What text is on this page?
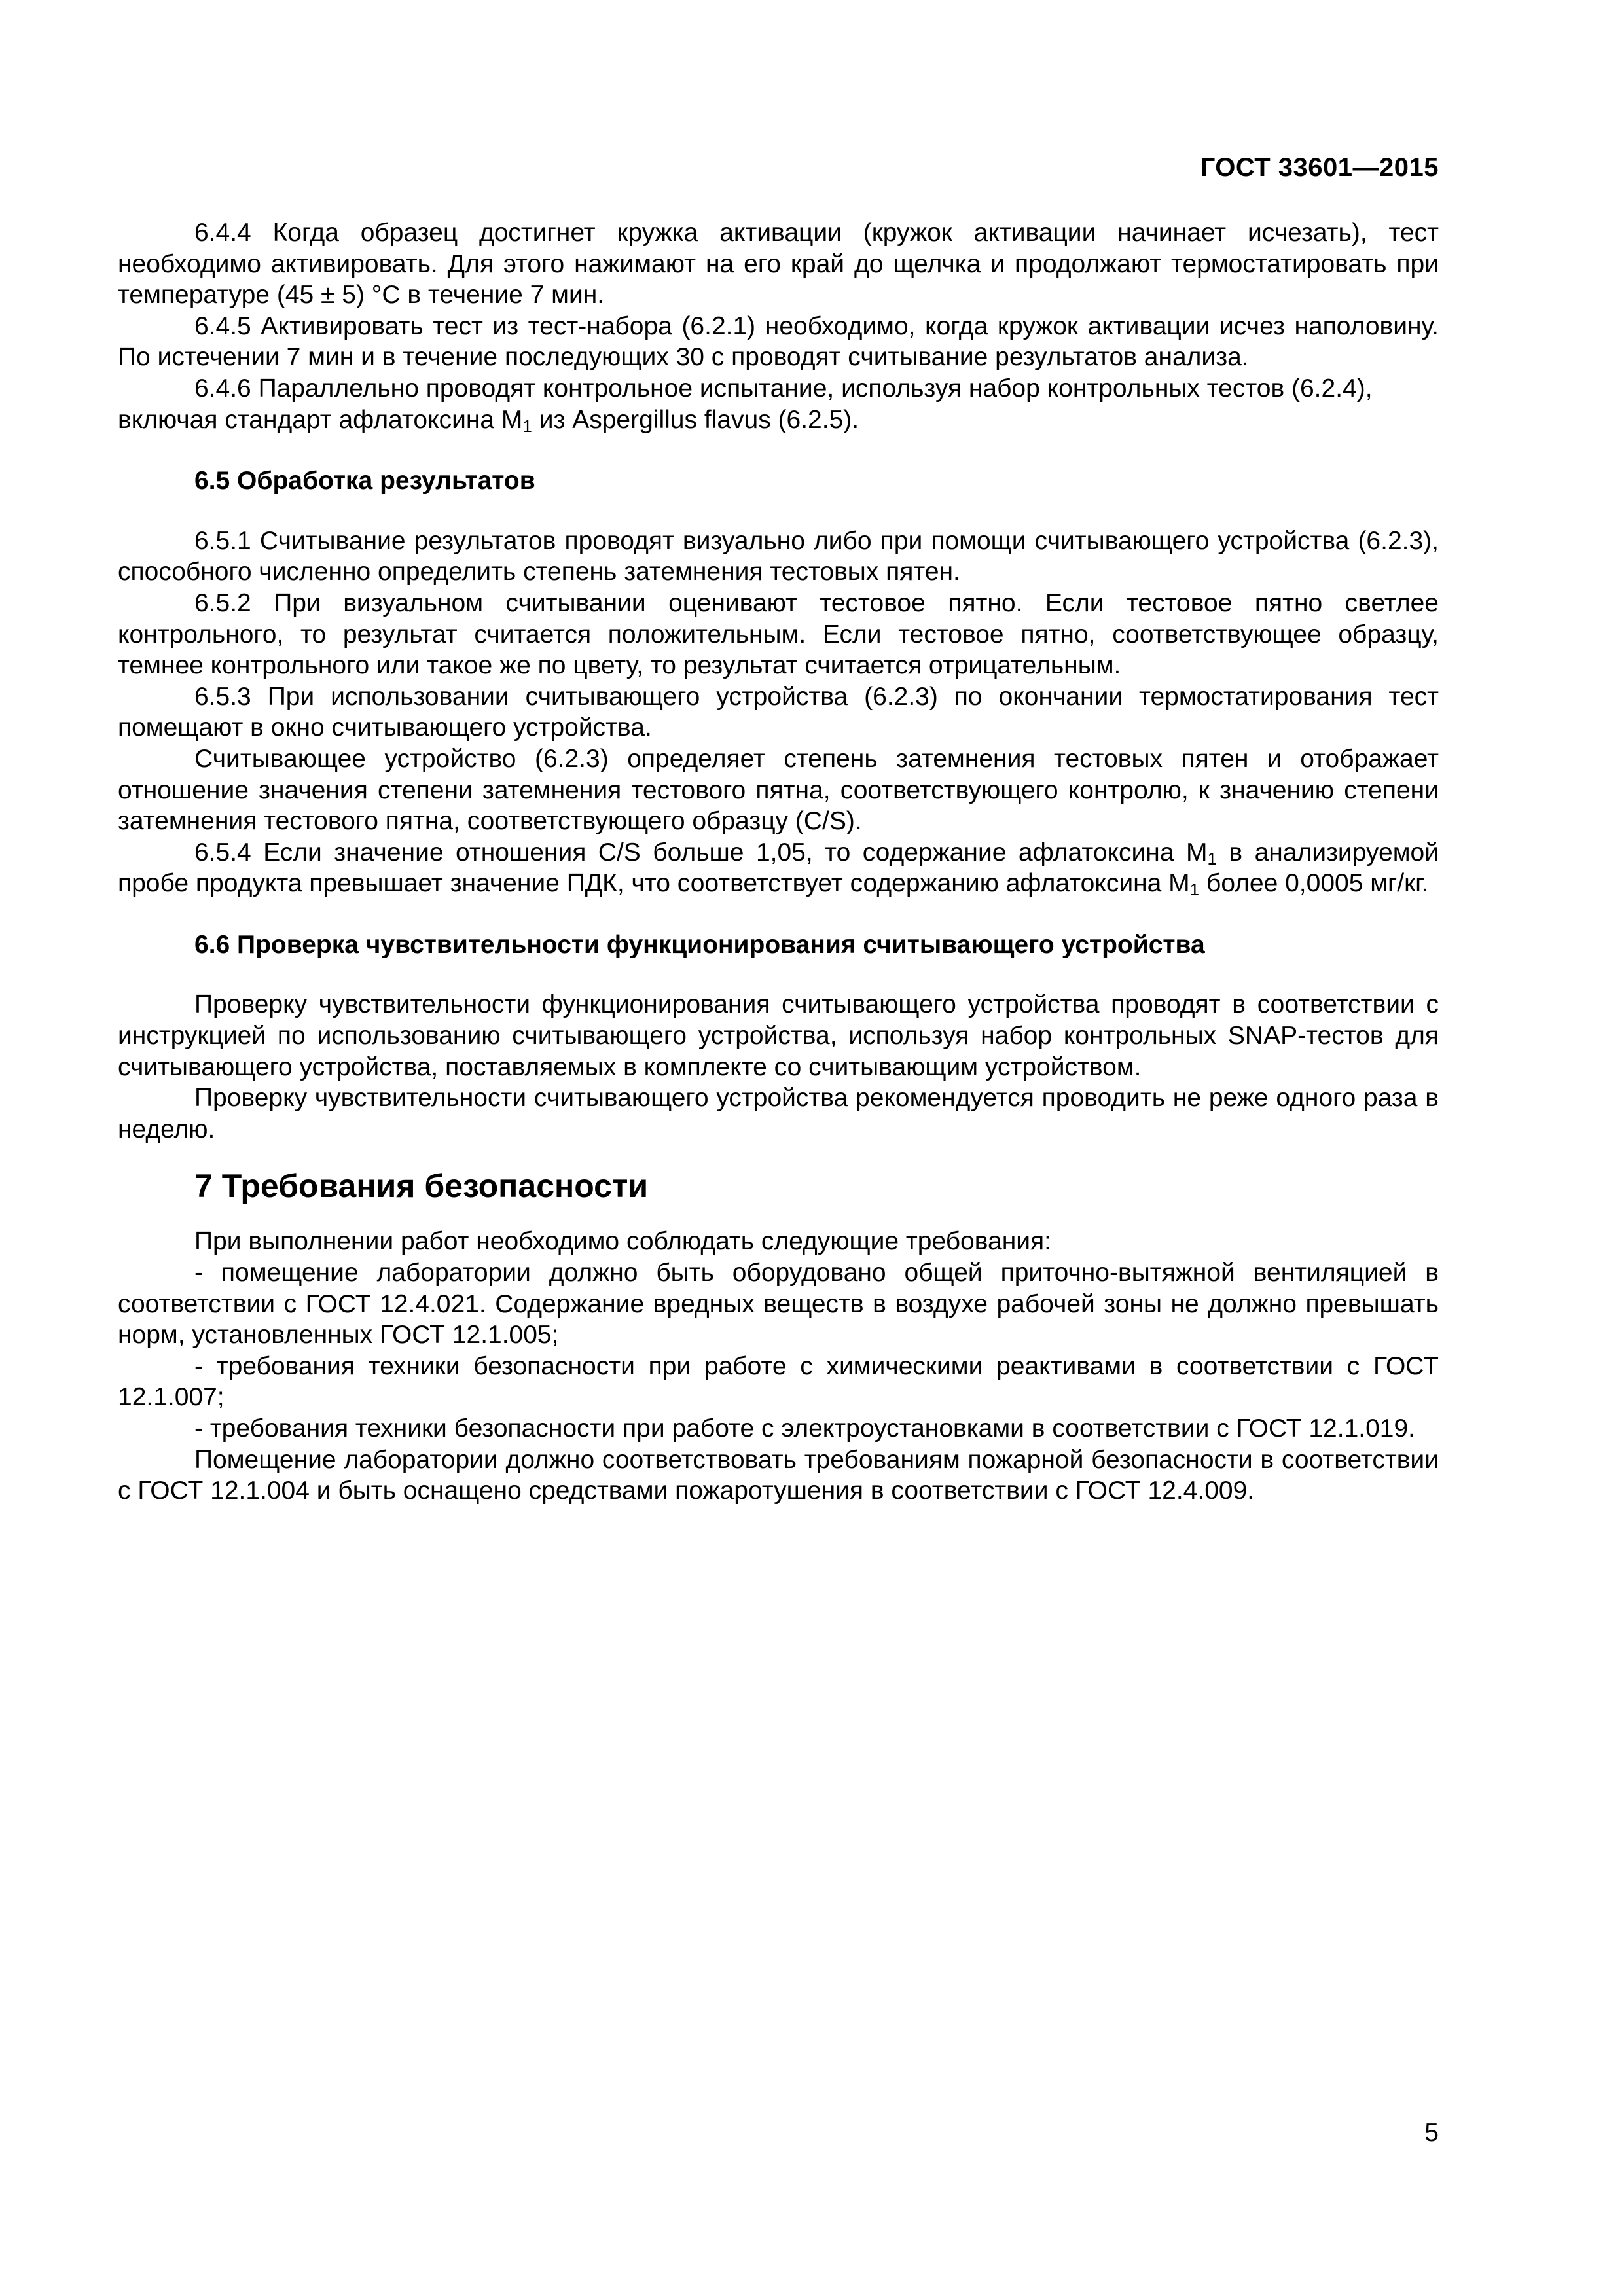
ГОСТ 33601—2015

6.4.4 Когда образец достигнет кружка активации (кружок активации начинает исчезать), тест необходимо активировать. Для этого нажимают на его край до щелчка и продолжают термостатировать при температуре (45 ± 5) °С в течение 7 мин.

6.4.5 Активировать тест из тест-набора (6.2.1) необходимо, когда кружок активации исчез наполовину. По истечении 7 мин и в течение последующих 30 с проводят считывание результатов анализа.

6.4.6 Параллельно проводят контрольное испытание, используя набор контрольных тестов (6.2.4), включая стандарт афлатоксина $М_1$ из Aspergillus flavus (6.2.5).

6.5 Обработка результатов

6.5.1 Считывание результатов проводят визуально либо при помощи считывающего устройства (6.2.3), способного численно определить степень затемнения тестовых пятен.

6.5.2 При визуальном считывании оценивают тестовое пятно. Если тестовое пятно светлее контрольного, то результат считается положительным. Если тестовое пятно, соответствующее образцу, темнее контрольного или такое же по цвету, то результат считается отрицательным.

6.5.3 При использовании считывающего устройства (6.2.3) по окончании термостатирования тест помещают в окно считывающего устройства.

Считывающее устройство (6.2.3) определяет степень затемнения тестовых пятен и отображает отношение значения степени затемнения тестового пятна, соответствующего контролю, к значению степени затемнения тестового пятна, соответствующего образцу (C/S).

6.5.4 Если значение отношения C/S больше 1,05, то содержание афлатоксина $М_1$ в анализируемой пробе продукта превышает значение ПДК, что соответствует содержанию афлатоксина $М_1$ более 0,0005 мг/кг.

6.6 Проверка чувствительности функционирования считывающего устройства

Проверку чувствительности функционирования считывающего устройства проводят в соответствии с инструкцией по использованию считывающего устройства, используя набор контрольных SNAP-тестов для считывающего устройства, поставляемых в комплекте со считывающим устройством.

Проверку чувствительности считывающего устройства рекомендуется проводить не реже одного раза в неделю.

7 Требования безопасности

При выполнении работ необходимо соблюдать следующие требования:

- помещение лаборатории должно быть оборудовано общей приточно-вытяжной вентиляцией в соответствии с ГОСТ 12.4.021. Содержание вредных веществ в воздухе рабочей зоны не должно превышать норм, установленных ГОСТ 12.1.005;

- требования техники безопасности при работе с химическими реактивами в соответствии с ГОСТ 12.1.007;

- требования техники безопасности при работе с электроустановками в соответствии с ГОСТ 12.1.019.

Помещение лаборатории должно соответствовать требованиям пожарной безопасности в соответствии с ГОСТ 12.1.004 и быть оснащено средствами пожаротушения в соответствии с ГОСТ 12.4.009.

5
